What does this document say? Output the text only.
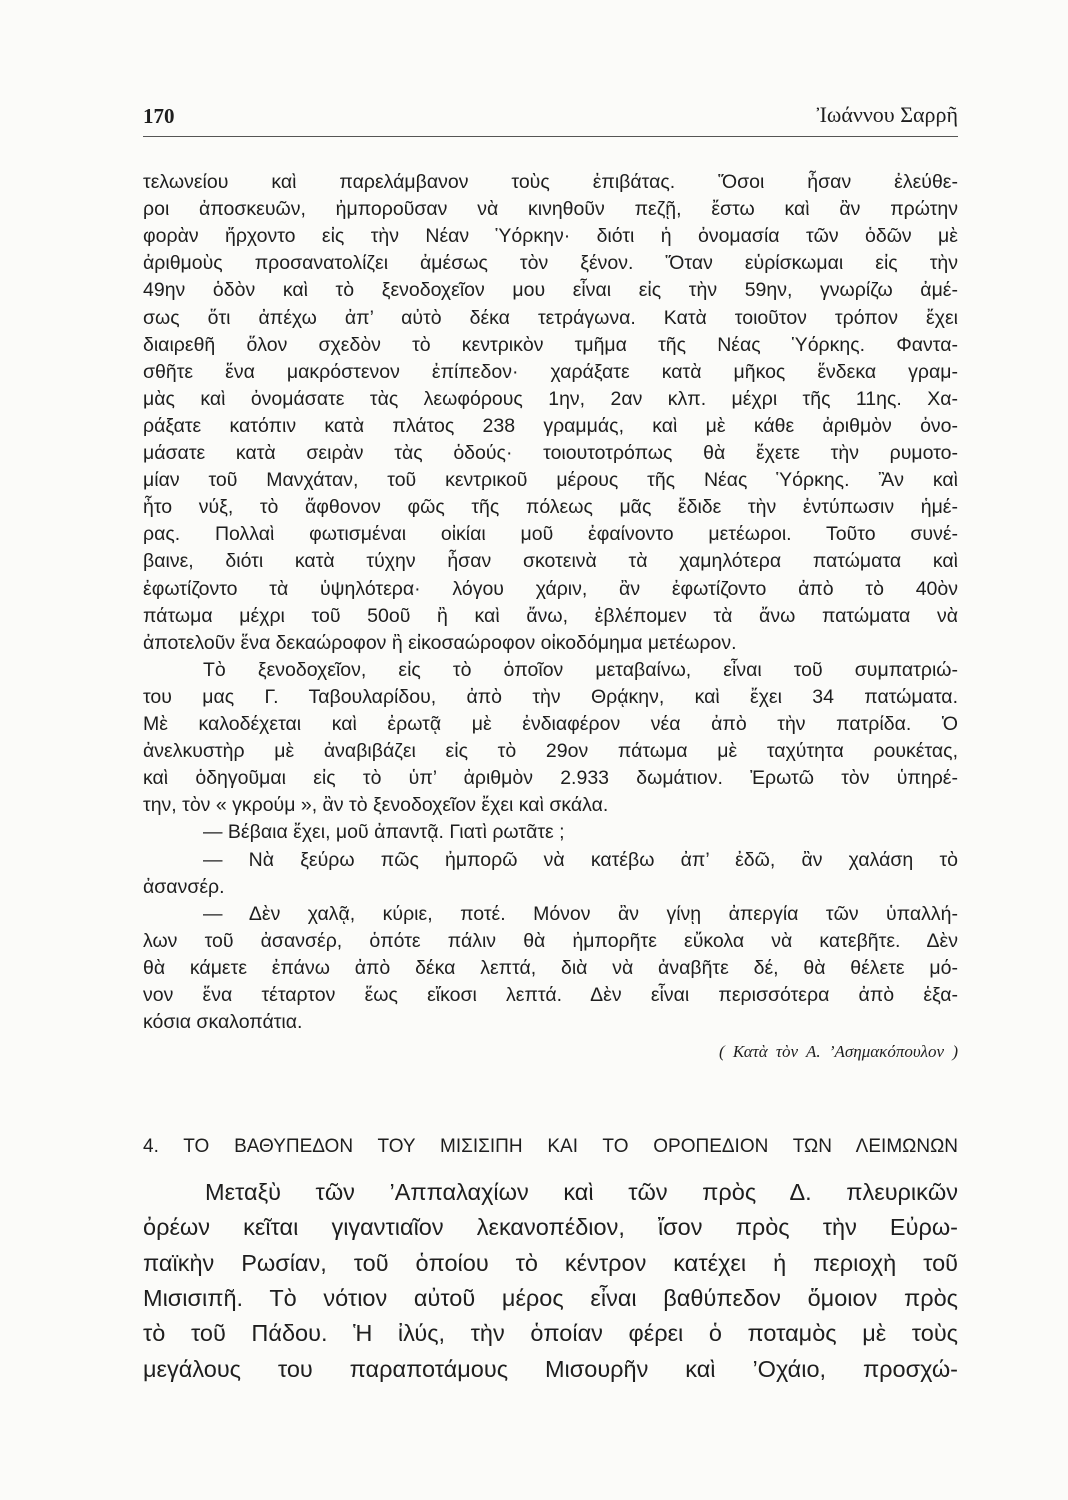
170	Ἰωάννου Σαρρῆ
τελωνείου καὶ παρελάμβανον τοὺς ἐπιβάτας. Ὅσοι ἦσαν ἐλεύθε-
ροι ἀποσκευῶν, ἠμποροῦσαν νὰ κινηθοῦν πεζῇ, ἔστω καὶ ἂν πρώτην
φορὰν ἤρχοντο εἰς τὴν Νέαν Ὑόρκην· διότι ἡ ὀνομασία τῶν ὁδῶν μὲ
ἀριθμοὺς προσανατολίζει ἀμέσως τὸν ξένον. Ὅταν εὑρίσκωμαι εἰς τὴν
49ην ὁδὸν καὶ τὸ ξενοδοχεῖον μου εἶναι εἰς τὴν 59ην, γνωρίζω ἀμέ-
σως ὅτι ἀπέχω ἀπ’ αὐτὸ δέκα τετράγωνα. Κατὰ τοιοῦτον τρόπον ἔχει
διαιρεθῆ ὅλον σχεδὸν τὸ κεντρικὸν τμῆμα τῆς Νέας Ὑόρκης. Φαντα-
σθῆτε ἕνα μακρόστενον ἐπίπεδον· χαράξατε κατὰ μῆκος ἕνδεκα γραμ-
μὰς καὶ ὀνομάσατε τὰς λεωφόρους 1ην, 2αν κλπ. μέχρι τῆς 11ης. Χα-
ράξατε κατόπιν κατὰ πλάτος 238 γραμμάς, καὶ μὲ κάθε ἀριθμὸν ὀνο-
μάσατε κατὰ σειρὰν τὰς ὁδούς· τοιουτοτρόπως θὰ ἔχετε τὴν ρυμοτο-
μίαν τοῦ Μανχάταν, τοῦ κεντρικοῦ μέρους τῆς Νέας Ὑόρκης. Ἂν καὶ
ἦτο νύξ, τὸ ἄφθονον φῶς τῆς πόλεως μᾶς ἔδιδε τὴν ἐντύπωσιν ἡμέ-
ρας. Πολλαὶ φωτισμέναι οἰκίαι μοῦ ἐφαίνοντο μετέωροι. Τοῦτο συνέ-
βαινε, διότι κατὰ τύχην ἦσαν σκοτεινὰ τὰ χαμηλότερα πατώματα καὶ
ἐφωτίζοντο τὰ ὑψηλότερα· λόγου χάριν, ἂν ἐφωτίζοντο ἀπὸ τὸ 40ὸν
πάτωμα μέχρι τοῦ 50οῦ ἢ καὶ ἄνω, ἐβλέπομεν τὰ ἄνω πατώματα νὰ
ἀποτελοῦν ἕνα δεκαώροφον ἢ εἰκοσαώροφον οἰκοδόμημα μετέωρον.
Τὸ ξενοδοχεῖον, εἰς τὸ ὁποῖον μεταβαίνω, εἶναι τοῦ συμπατριώ-
του μας Γ. Ταβουλαρίδου, ἀπὸ τὴν Θρᾴκην, καὶ ἔχει 34 πατώματα.
Μὲ καλοδέχεται καὶ ἐρωτᾷ μὲ ἐνδιαφέρον νέα ἀπὸ τὴν πατρίδα. Ὁ
ἀνελκυστὴρ μὲ ἀναβιβάζει εἰς τὸ 29ον πάτωμα μὲ ταχύτητα ρουκέτας,
καὶ ὁδηγοῦμαι εἰς τὸ ὑπ’ ἀριθμὸν 2.933 δωμάτιον. Ἐρωτῶ τὸν ὑπηρέ-
την, τὸν « γκρούμ », ἂν τὸ ξενοδοχεῖον ἔχει καὶ σκάλα.
— Βέβαια ἔχει, μοῦ ἀπαντᾷ. Γιατὶ ρωτᾶτε ;
— Νὰ ξεύρω πῶς ἠμπορῶ νὰ κατέβω ἀπ’ ἐδῶ, ἂν χαλάση τὸ
ἀσανσέρ.
— Δὲν χαλᾷ, κύριε, ποτέ. Μόνον ἂν γίνῃ ἀπεργία τῶν ὑπαλλή-
λων τοῦ ἀσανσέρ, ὁπότε πάλιν θὰ ἠμπορῆτε εὔκολα νὰ κατεβῆτε. Δὲν
θὰ κάμετε ἐπάνω ἀπὸ δέκα λεπτά, διὰ νὰ ἀναβῆτε δέ, θὰ θέλετε μό-
νον ἕνα τέταρτον ἕως εἴκοσι λεπτά. Δὲν εἶναι περισσότερα ἀπὸ ἑξα-
κόσια σκαλοπάτια.
( Κατὰ τὸν Α. ’Ασημακόπουλον )
4. ΤΟ ΒΑΘΥΠΕΔΟΝ ΤΟΥ ΜΙΣΙΣΙΠΗ ΚΑΙ ΤΟ ΟΡΟΠΕΔΙΟΝ ΤΩΝ ΛΕΙΜΩΝΩΝ
Μεταξὺ τῶν ’Αππαλαχίων καὶ τῶν πρὸς Δ. πλευρικῶν
ὀρέων κεῖται γιγαντιαῖον λεκανοπέδιον, ἴσον πρὸς τὴν Εὐρω-
παϊκὴν Ρωσίαν, τοῦ ὁποίου τὸ κέντρον κατέχει ἡ περιοχὴ τοῦ
Μισισιπῆ. Τὸ νότιον αὐτοῦ μέρος εἶναι βαθύπεδον ὅμοιον πρὸς
τὸ τοῦ Πάδου. Ἡ ἰλύς, τὴν ὁποίαν φέρει ὁ ποταμὸς μὲ τοὺς
μεγάλους του παραποτάμους Μισουρῆν καὶ ’Οχάιο, προσχώ-
